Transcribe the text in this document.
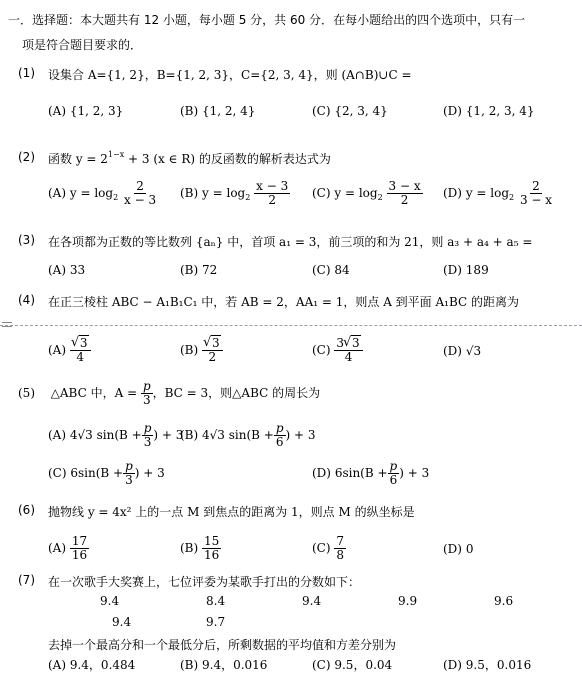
一．选择题：本大题共有 12 小题，每小题 5 分，共 60 分．在每小题给出的四个选项中，只有一
项是符合题目要求的．
(1) 设集合 A={1, 2}，B={1, 2, 3}，C={2, 3, 4}，则 (A∩B)∪C =
(A) {1, 2, 3}	(B) {1, 2, 4}	(C) {2, 3, 4}	(D) {1, 2, 3, 4}
(2) 函数 $y = 2^{1-x} + 3$ (x ∈ R) 的反函数的解析表达式为
(A) $y = \log_2 \frac{2}{x - 3} (B) y = \log_2 \frac{x - 3}{2} (C) y = \log_2 \frac{3 - x}{2} (D) y = \log_2 \frac{2}{3 - x}$
(3) 在各项都为正数的等比数列 {aₙ} 中，首项 a₁ = 3，前三项的和为 21，则 a₃ + a₄ + a₅ =
(A) 33	(B) 72	(C) 84	(D) 189
(4) 在正三棱柱 ABC − A₁B₁C₁ 中，若 AB = 2，AA₁ = 1，则点 A 到平面 A₁BC 的距离为
(A) √ $\frac{3}{4}$	(B) √ $\frac{3}{2}$	$(C) \frac{3 √ 3}{4}$	(D) √3
(5) △ABC 中，$A = \frac{p}{3}$ ，BC = 3，则△ABC 的周长为
(A) 4√3 $\sin(B + \frac{p}{3}$ ) + 3
(B) 4√3 $\sin(B + \frac{p}{6}$ ) + 3
(C) $6\sin(B + \frac{p}{3}$ ) + 3	(D) $6\sin(B + \frac{p}{6}$ ) + 3
(6) 抛物线 y = 4x² 上的一点 M 到焦点的距离为 1，则点 M 的纵坐标是
$(A) \frac{17}{16}$	$(B) \frac{15}{16}$	$(C) \frac{7}{8}$	(D) 0
(7) 在一次歌手大奖赛上，七位评委为某歌手打出的分数如下：
9.4	8.4	9.4	9.9	9.6
9.4	9.7
去掉一个最高分和一个最低分后，所剩数据的平均值和方差分别为
(A) 9.4，0.484	(B) 9.4，0.016	(C) 9.5，0.04	(D) 9.5，0.016
